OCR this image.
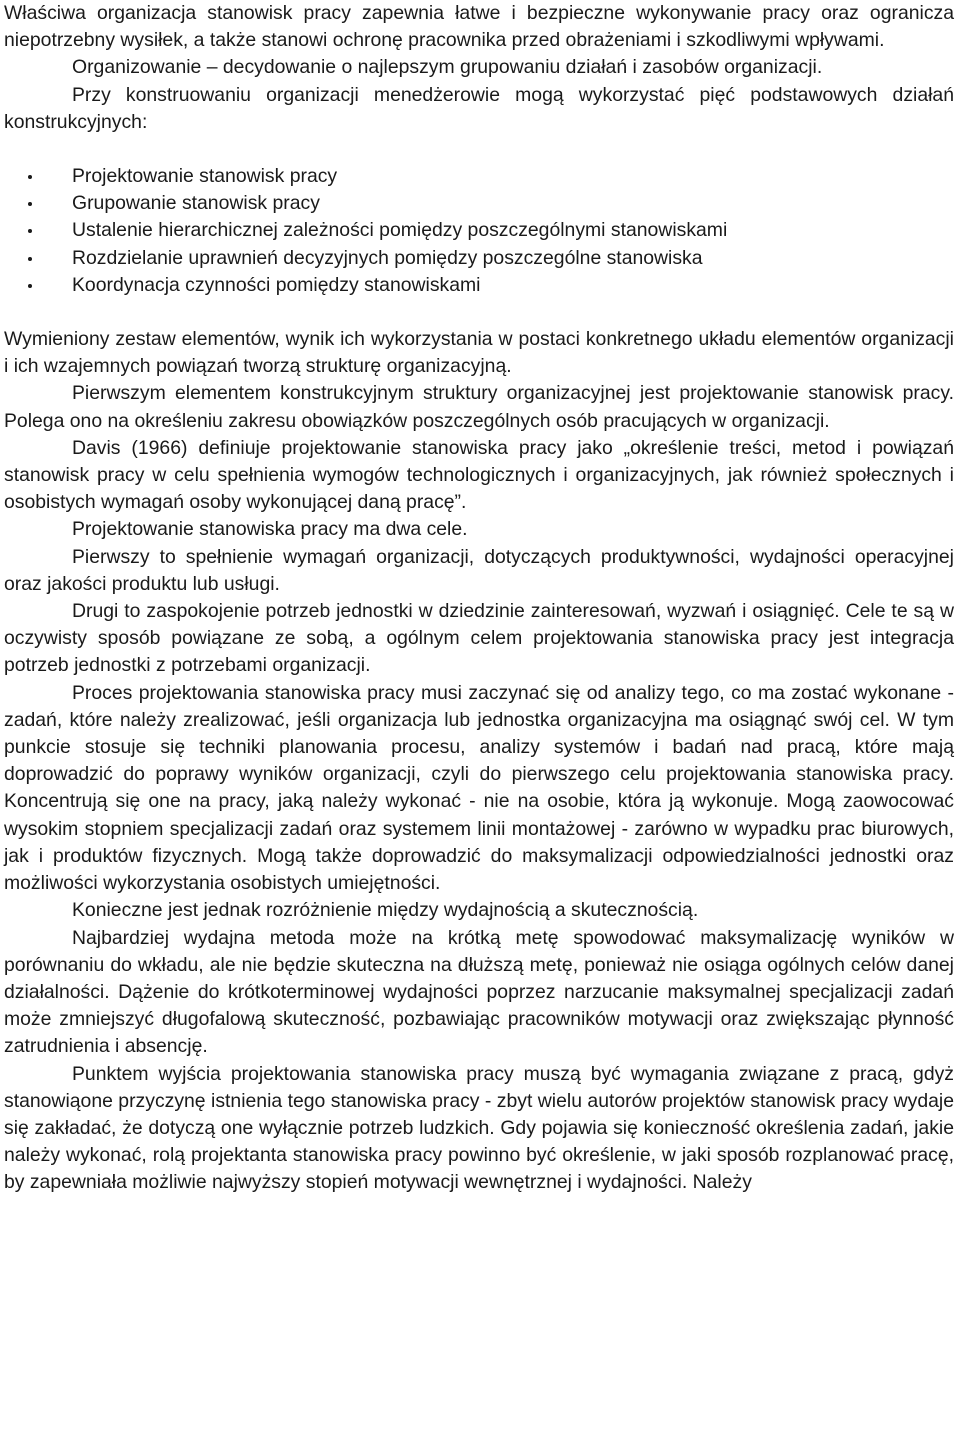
Właściwa organizacja stanowisk pracy zapewnia łatwe i bezpieczne wykonywanie pracy oraz ogranicza niepotrzebny wysiłek, a także stanowi ochronę pracownika przed obrażeniami i szkodliwymi wpływami.

Organizowanie – decydowanie o najlepszym grupowaniu działań i zasobów organizacji.

Przy konstruowaniu organizacji menedżerowie mogą wykorzystać pięć podstawowych działań konstrukcyjnych:

Projektowanie stanowisk pracy
Grupowanie stanowisk pracy
Ustalenie hierarchicznej zależności pomiędzy poszczególnymi stanowiskami
Rozdzielanie uprawnień decyzyjnych pomiędzy poszczególne stanowiska
Koordynacja czynności pomiędzy stanowiskami

Wymieniony zestaw elementów, wynik ich wykorzystania w postaci konkretnego układu elementów organizacji i ich wzajemnych powiązań tworzą strukturę organizacyjną.

Pierwszym elementem konstrukcyjnym struktury organizacyjnej jest projektowanie stanowisk pracy. Polega ono na określeniu zakresu obowiązków poszczególnych osób pracujących w organizacji.

Davis (1966) definiuje projektowanie stanowiska pracy jako „określenie treści, metod i powiązań stanowisk pracy w celu spełnienia wymogów technologicznych i organizacyjnych, jak również społecznych i osobistych wymagań osoby wykonującej daną pracę”.

Projektowanie stanowiska pracy ma dwa cele.

Pierwszy to spełnienie wymagań organizacji, dotyczących produktywności, wydajności operacyjnej oraz jakości produktu lub usługi.

Drugi to zaspokojenie potrzeb jednostki w dziedzinie zainteresowań, wyzwań i osiągnięć. Cele te są w oczywisty sposób powiązane ze sobą, a ogólnym celem projektowania stanowiska pracy jest integracja potrzeb jednostki z potrzebami organizacji.

Proces projektowania stanowiska pracy musi zaczynać się od analizy tego, co ma zostać wykonane - zadań, które należy zrealizować, jeśli organizacja lub jednostka organizacyjna ma osiągnąć swój cel. W tym punkcie stosuje się techniki planowania procesu, analizy systemów i badań nad pracą, które mają doprowadzić do poprawy wyników organizacji, czyli do pierwszego celu projektowania stanowiska pracy. Koncentrują się one na pracy, jaką należy wykonać - nie na osobie, która ją wykonuje. Mogą zaowocować wysokim stopniem specjalizacji zadań oraz systemem linii montażowej - zarówno w wypadku prac biurowych, jak i produktów fizycznych. Mogą także doprowadzić do maksymalizacji odpowiedzialności jednostki oraz możliwości wykorzystania osobistych umiejętności.

Konieczne jest jednak rozróżnienie między wydajnością a skutecznością.

Najbardziej wydajna metoda może na krótką metę spowodować maksymalizację wyników w porównaniu do wkładu, ale nie będzie skuteczna na dłuższą metę, ponieważ nie osiąga ogólnych celów danej działalności. Dążenie do krótkoterminowej wydajności poprzez narzucanie maksymalnej specjalizacji zadań może zmniejszyć długofalową skuteczność, pozbawiając pracowników motywacji oraz zwiększając płynność zatrudnienia i absencję.

Punktem wyjścia projektowania stanowiska pracy muszą być wymagania związane z pracą, gdyż stanowiąone przyczynę istnienia tego stanowiska pracy - zbyt wielu autorów projektów stanowisk pracy wydaje się zakładać, że dotyczą one wyłącznie potrzeb ludzkich. Gdy pojawia się konieczność określenia zadań, jakie należy wykonać, rolą projektanta stanowiska pracy powinno być określenie, w jaki sposób rozplanować pracę, by zapewniała możliwie najwyższy stopień motywacji wewnętrznej i wydajności. Należy
